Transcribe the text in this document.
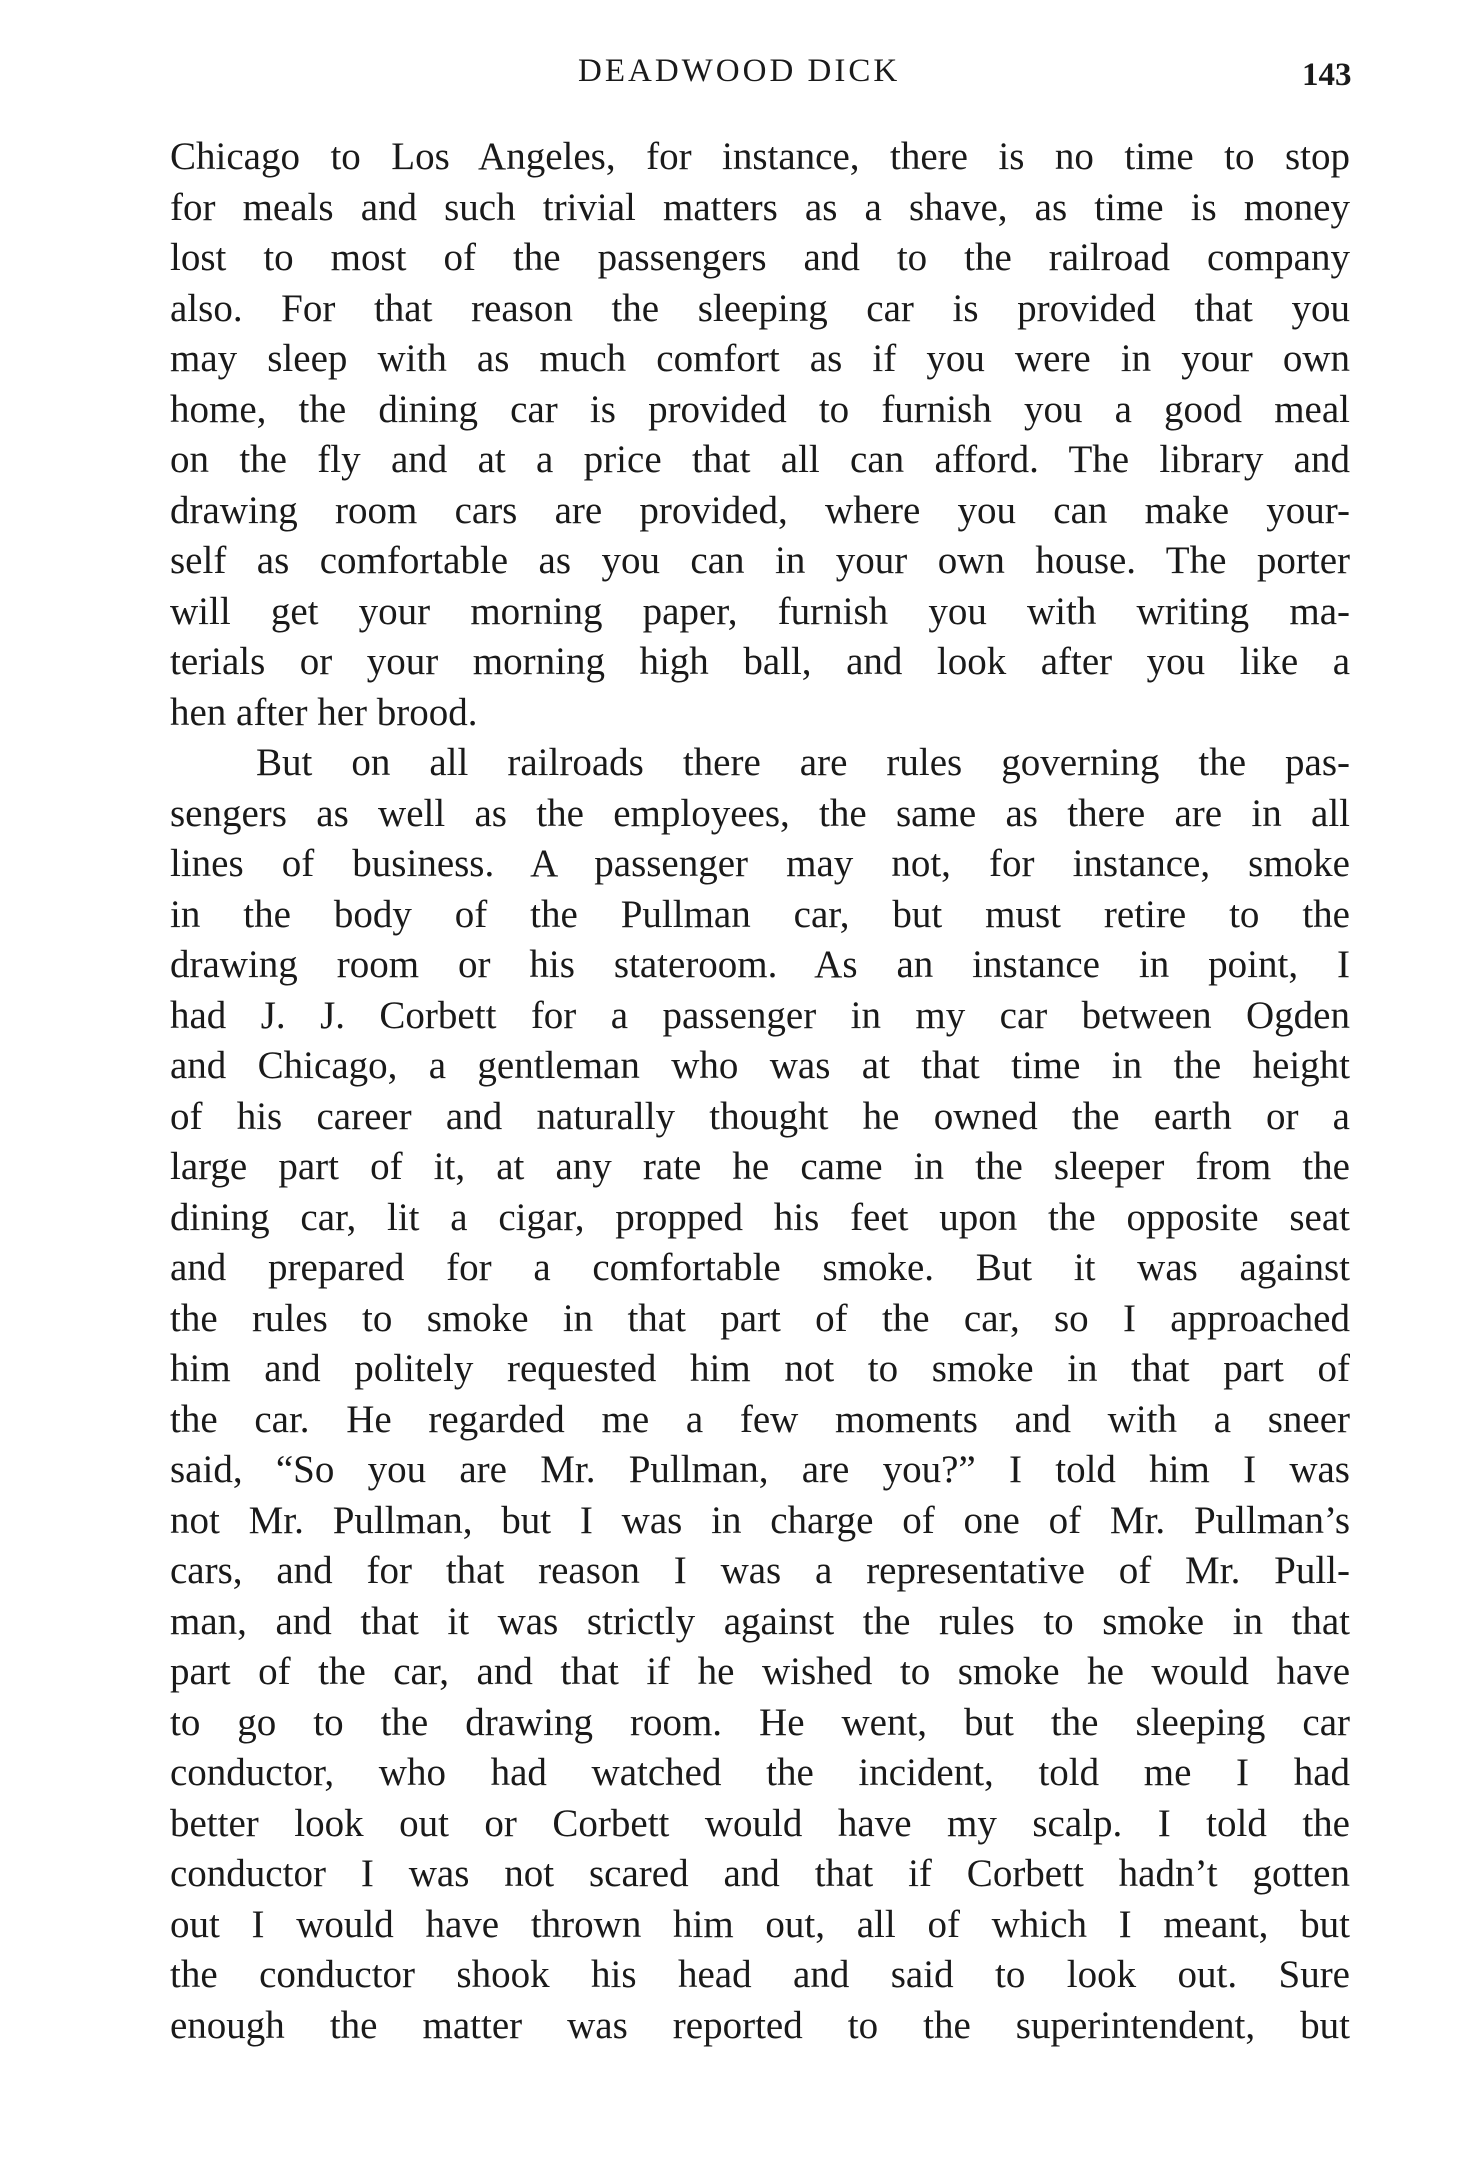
DEADWOOD DICK	143

Chicago to Los Angeles, for instance, there is no time to stop
for meals and such trivial matters as a shave, as time is money
lost to most of the passengers and to the railroad company
also. For that reason the sleeping car is provided that you
may sleep with as much comfort as if you were in your own
home, the dining car is provided to furnish you a good meal
on the fly and at a price that all can afford. The library and
drawing room cars are provided, where you can make your-
self as comfortable as you can in your own house. The porter
will get your morning paper, furnish you with writing ma-
terials or your morning high ball, and look after you like a
hen after her brood.

But on all railroads there are rules governing the pas-
sengers as well as the employees, the same as there are in all
lines of business. A passenger may not, for instance, smoke
in the body of the Pullman car, but must retire to the
drawing room or his stateroom. As an instance in point, I
had J. J. Corbett for a passenger in my car between Ogden
and Chicago, a gentleman who was at that time in the height
of his career and naturally thought he owned the earth or a
large part of it, at any rate he came in the sleeper from the
dining car, lit a cigar, propped his feet upon the opposite seat
and prepared for a comfortable smoke. But it was against
the rules to smoke in that part of the car, so I approached
him and politely requested him not to smoke in that part of
the car. He regarded me a few moments and with a sneer
said, “So you are Mr. Pullman, are you?” I told him I was
not Mr. Pullman, but I was in charge of one of Mr. Pullman’s
cars, and for that reason I was a representative of Mr. Pull-
man, and that it was strictly against the rules to smoke in that
part of the car, and that if he wished to smoke he would have
to go to the drawing room. He went, but the sleeping car
conductor, who had watched the incident, told me I had
better look out or Corbett would have my scalp. I told the
conductor I was not scared and that if Corbett hadn’t gotten
out I would have thrown him out, all of which I meant, but
the conductor shook his head and said to look out. Sure
enough the matter was reported to the superintendent, but
